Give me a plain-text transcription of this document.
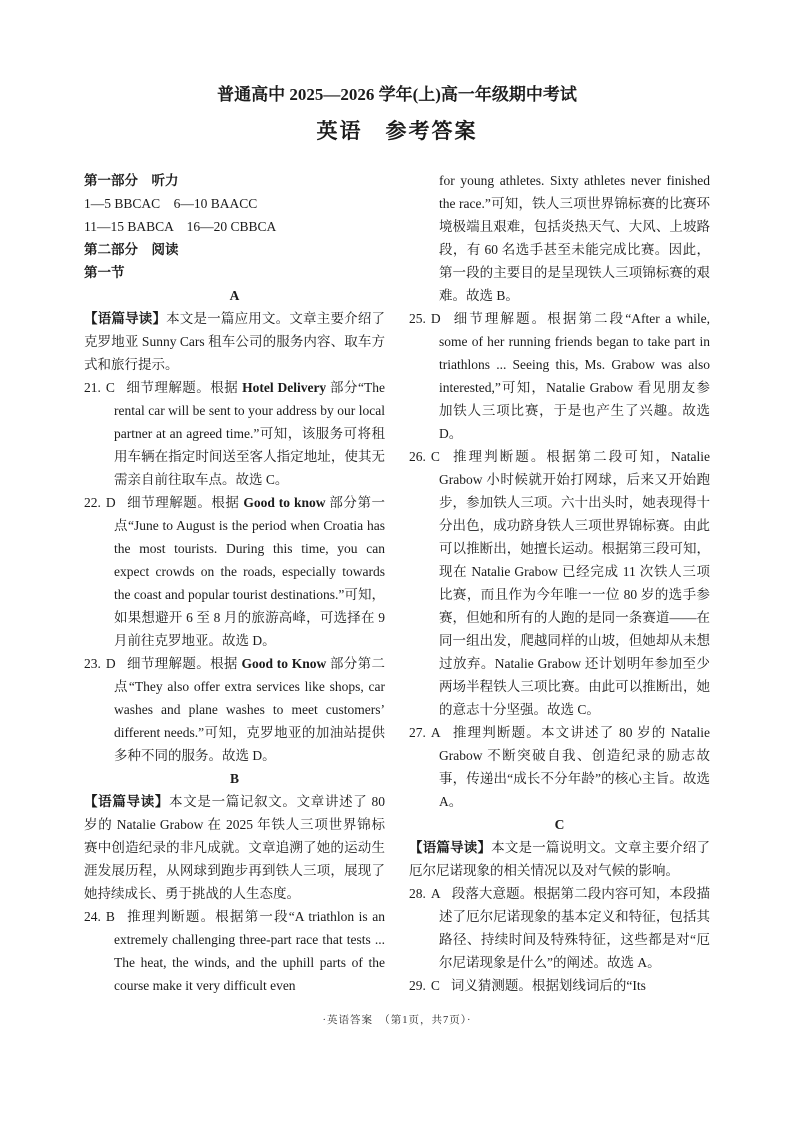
普通高中 2025—2026 学年(上)高一年级期中考试
英语　参考答案

第一部分　听力

1—5 BBCAC　6—10 BAACC

11—15 BABCA　16—20 CBBCA

第二部分　阅读

第一节

A

【语篇导读】本文是一篇应用文。文章主要介绍了克罗地亚 Sunny Cars 租车公司的服务内容、取车方式和旅行提示。

21. C 细节理解题。根据 Hotel Delivery 部分“The rental car will be sent to your address by our local partner at an agreed time.”可知，该服务可将租用车辆在指定时间送至客人指定地址，使其无需亲自前往取车点。故选 C。

22. D 细节理解题。根据 Good to know 部分第一点“June to August is the period when Croatia has the most tourists. During this time, you can expect crowds on the roads, especially towards the coast and popular tourist destinations.”可知，如果想避开 6 至 8 月的旅游高峰，可选择在 9 月前往克罗地亚。故选 D。

23. D 细节理解题。根据 Good to Know 部分第二点“They also offer extra services like shops, car washes and plane washes to meet customers’ different needs.”可知，克罗地亚的加油站提供多种不同的服务。故选 D。

B

【语篇导读】本文是一篇记叙文。文章讲述了 80 岁的 Natalie Grabow 在 2025 年铁人三项世界锦标赛中创造纪录的非凡成就。文章追溯了她的运动生涯发展历程，从网球到跑步再到铁人三项，展现了她持续成长、勇于挑战的人生态度。

24. B 推理判断题。根据第一段“A triathlon is an extremely challenging three-part race that tests ... The heat, the winds, and the uphill parts of the course make it very difficult even

for young athletes. Sixty athletes never finished the race.”可知，铁人三项世界锦标赛的比赛环境极端且艰难，包括炎热天气、大风、上坡路段，有 60 名选手甚至未能完成比赛。因此，第一段的主要目的是呈现铁人三项锦标赛的艰难。故选 B。

25. D 细节理解题。根据第二段“After a while, some of her running friends began to take part in triathlons ... Seeing this, Ms. Grabow was also interested,”可知，Natalie Grabow 看见朋友参加铁人三项比赛，于是也产生了兴趣。故选 D。

26. C 推理判断题。根据第二段可知，Natalie Grabow 小时候就开始打网球，后来又开始跑步，参加铁人三项。六十出头时，她表现得十分出色，成功跻身铁人三项世界锦标赛。由此可以推断出，她擅长运动。根据第三段可知，现在 Natalie Grabow 已经完成 11 次铁人三项比赛，而且作为今年唯一一位 80 岁的选手参赛，但她和所有的人跑的是同一条赛道——在同一组出发，爬越同样的山坡，但她却从未想过放弃。Natalie Grabow 还计划明年参加至少两场半程铁人三项比赛。由此可以推断出，她的意志十分坚强。故选 C。

27. A 推理判断题。本文讲述了 80 岁的 Natalie Grabow 不断突破自我、创造纪录的励志故事，传递出“成长不分年龄”的核心主旨。故选 A。

C

【语篇导读】本文是一篇说明文。文章主要介绍了厄尔尼诺现象的相关情况以及对气候的影响。

28. A 段落大意题。根据第二段内容可知，本段描述了厄尔尼诺现象的基本定义和特征，包括其路径、持续时间及特殊特征，这些都是对“厄尔尼诺现象是什么”的阐述。故选 A。

29. C 词义猜测题。根据划线词后的“Its

·英语答案　（第1页，共7页）·
